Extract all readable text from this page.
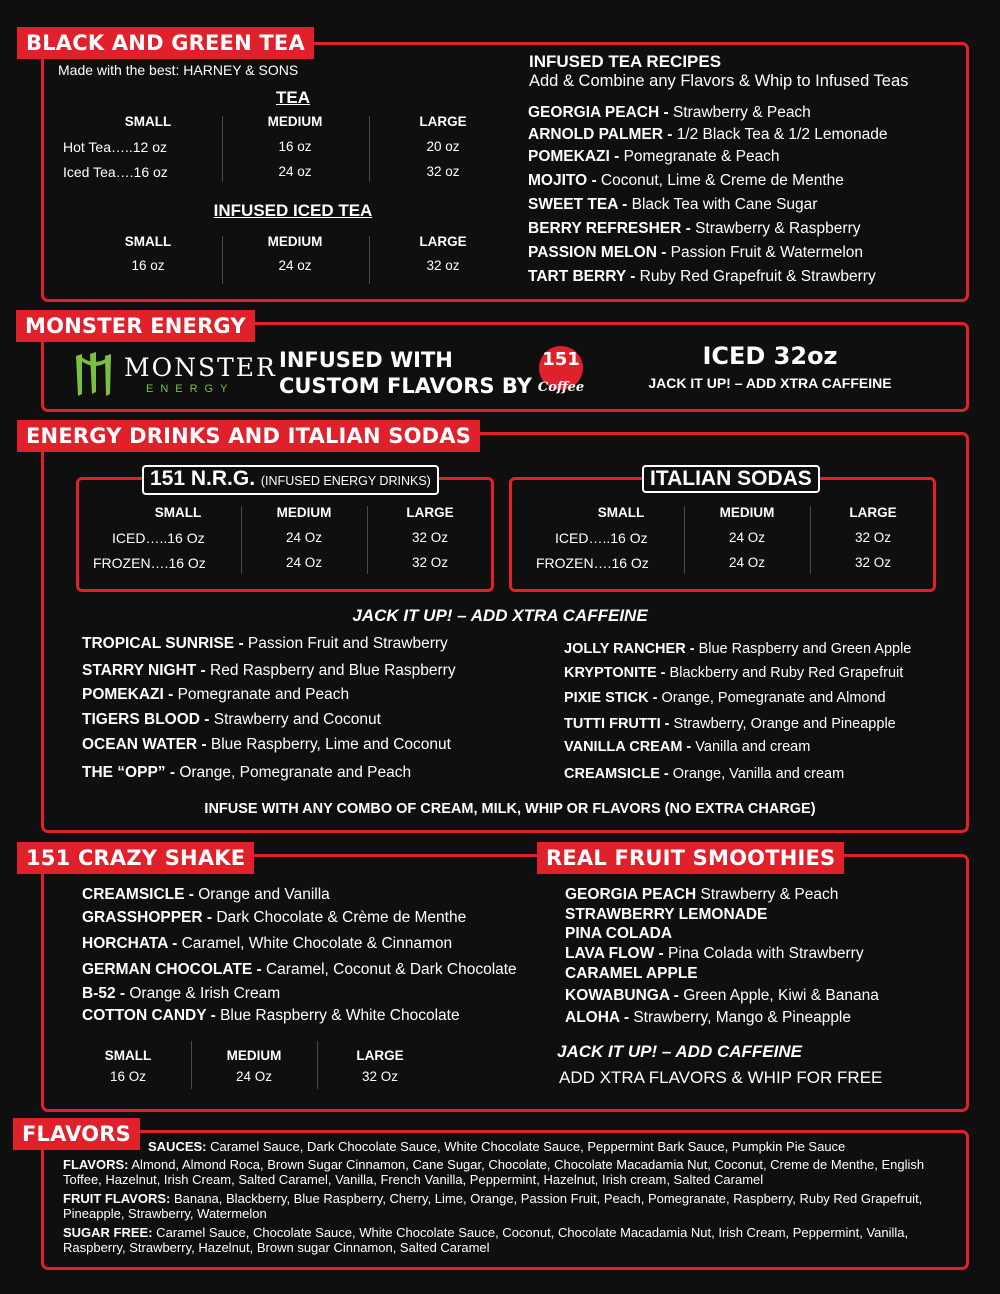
BLACK AND GREEN TEA
Made with the best: HARNEY & SONS
TEA
SMALL	MEDIUM	LARGE
Hot Tea…..12 oz	16 oz	20 oz
Iced Tea….16 oz	24 oz	32 oz
INFUSED ICED TEA
SMALL	MEDIUM	LARGE
16 oz	24 oz	32 oz
INFUSED TEA RECIPES
Add & Combine any Flavors & Whip to Infused Teas
GEORGIA PEACH - Strawberry & Peach
ARNOLD PALMER - 1/2 Black Tea & 1/2 Lemonade
POMEKAZI - Pomegranate & Peach
MOJITO - Coconut, Lime & Creme de Menthe
SWEET TEA - Black Tea with Cane Sugar
BERRY REFRESHER - Strawberry & Raspberry
PASSION MELON - Passion Fruit & Watermelon
TART BERRY - Ruby Red Grapefruit & Strawberry
MONSTER ENERGY
MONSTER
ENERGY
INFUSED WITH
CUSTOM FLAVORS BY
151
Coffee
ICED 32oz
JACK IT UP! – ADD XTRA CAFFEINE
ENERGY DRINKS AND ITALIAN SODAS
151 N.R.G. (INFUSED ENERGY DRINKS)
SMALL	MEDIUM	LARGE
ICED…..16 Oz	24 Oz	32 Oz
FROZEN….16 Oz	24 Oz	32 Oz
ITALIAN SODAS
SMALL	MEDIUM	LARGE
ICED…..16 Oz	24 Oz	32 Oz
FROZEN….16 Oz	24 Oz	32 Oz
JACK IT UP! – ADD XTRA CAFFEINE
TROPICAL SUNRISE - Passion Fruit and Strawberry
STARRY NIGHT - Red Raspberry and Blue Raspberry
POMEKAZI - Pomegranate and Peach
TIGERS BLOOD - Strawberry and Coconut
OCEAN WATER - Blue Raspberry, Lime and Coconut
THE “OPP” - Orange, Pomegranate and Peach
JOLLY RANCHER - Blue Raspberry and Green Apple
KRYPTONITE - Blackberry and Ruby Red Grapefruit
PIXIE STICK - Orange, Pomegranate and Almond
TUTTI FRUTTI - Strawberry, Orange and Pineapple
VANILLA CREAM - Vanilla and cream
CREAMSICLE - Orange, Vanilla and cream
INFUSE WITH ANY COMBO OF CREAM, MILK, WHIP OR FLAVORS (NO EXTRA CHARGE)
151 CRAZY SHAKE	REAL FRUIT SMOOTHIES
CREAMSICLE - Orange and Vanilla
GRASSHOPPER - Dark Chocolate & Crème de Menthe
HORCHATA - Caramel, White Chocolate & Cinnamon
GERMAN CHOCOLATE - Caramel, Coconut & Dark Chocolate
B-52 - Orange & Irish Cream
COTTON CANDY - Blue Raspberry & White Chocolate
SMALL	MEDIUM	LARGE
16 Oz	24 Oz	32 Oz
GEORGIA PEACH Strawberry & Peach
STRAWBERRY LEMONADE
PINA COLADA
LAVA FLOW - Pina Colada with Strawberry
CARAMEL APPLE
KOWABUNGA - Green Apple, Kiwi & Banana
ALOHA - Strawberry, Mango & Pineapple
JACK IT UP! – ADD CAFFEINE
ADD XTRA FLAVORS & WHIP FOR FREE
FLAVORS
SAUCES: Caramel Sauce, Dark Chocolate Sauce, White Chocolate Sauce, Peppermint Bark Sauce, Pumpkin Pie Sauce
FLAVORS: Almond, Almond Roca, Brown Sugar Cinnamon, Cane Sugar, Chocolate, Chocolate Macadamia Nut, Coconut, Creme de Menthe, English Toffee, Hazelnut, Irish Cream, Salted Caramel, Vanilla, French Vanilla, Peppermint, Hazelnut, Irish cream, Salted Caramel
FRUIT FLAVORS: Banana, Blackberry, Blue Raspberry, Cherry, Lime, Orange, Passion Fruit, Peach, Pomegranate, Raspberry, Ruby Red Grapefruit, Pineapple, Strawberry, Watermelon
SUGAR FREE: Caramel Sauce, Chocolate Sauce, White Chocolate Sauce, Coconut, Chocolate Macadamia Nut, Irish Cream, Peppermint, Vanilla, Raspberry, Strawberry, Hazelnut, Brown sugar Cinnamon, Salted Caramel
